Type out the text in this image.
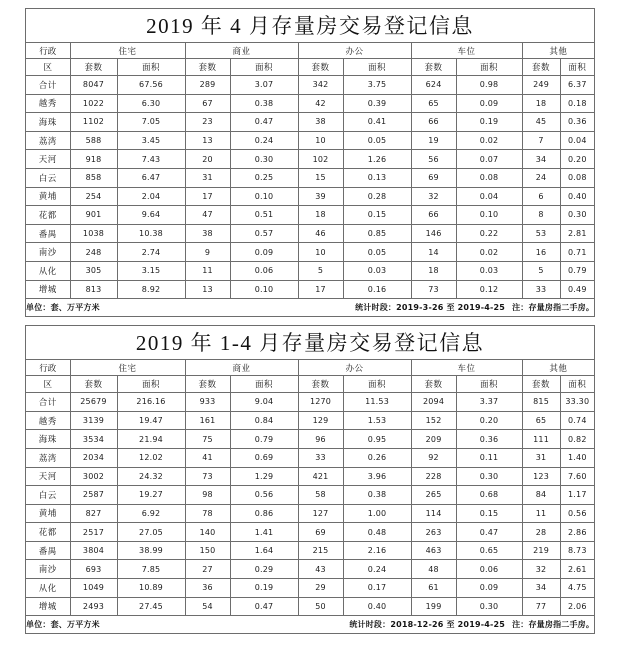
2019 年 4 月存量房交易登记信息
行政	住宅		商业		办公		车位		其他	
区	套数	面积	套数	面积	套数	面积	套数	面积	套数	面积
合计	8047	67.56	289	3.07	342	3.75	624	0.98	249	6.37
越秀	1022	6.30	67	0.38	42	0.39	65	0.09	18	0.18
海珠	1102	7.05	23	0.47	38	0.41	66	0.19	45	0.36
荔湾	588	3.45	13	0.24	10	0.05	19	0.02	7	0.04
天河	918	7.43	20	0.30	102	1.26	56	0.07	34	0.20
白云	858	6.47	31	0.25	15	0.13	69	0.08	24	0.08
黄埔	254	2.04	17	0.10	39	0.28	32	0.04	6	0.40
花都	901	9.64	47	0.51	18	0.15	66	0.10	8	0.30
番禺	1038	10.38	38	0.57	46	0.85	146	0.22	53	2.81
南沙	248	2.74	9	0.09	10	0.05	14	0.02	16	0.71
从化	305	3.15	11	0.06	5	0.03	18	0.03	5	0.79
增城	813	8.92	13	0.10	17	0.16	73	0.12	33	0.49

单位：套、万平方米 统计时段：2019-3-26 至 2019-4-25 注：存量房指二手房。										
2019 年 1-4 月存量房交易登记信息
行政	住宅		商业		办公		车位		其他	
区	套数	面积	套数	面积	套数	面积	套数	面积	套数	面积
合计	25679	216.16	933	9.04	1270	11.53	2094	3.37	815	33.30
越秀	3139	19.47	161	0.84	129	1.53	152	0.20	65	0.74
海珠	3534	21.94	75	0.79	96	0.95	209	0.36	111	0.82
荔湾	2034	12.02	41	0.69	33	0.26	92	0.11	31	1.40
天河	3002	24.32	73	1.29	421	3.96	228	0.30	123	7.60
白云	2587	19.27	98	0.56	58	0.38	265	0.68	84	1.17
黄埔	827	6.92	78	0.86	127	1.00	114	0.15	11	0.56
花都	2517	27.05	140	1.41	69	0.48	263	0.47	28	2.86
番禺	3804	38.99	150	1.64	215	2.16	463	0.65	219	8.73
南沙	693	7.85	27	0.29	43	0.24	48	0.06	32	2.61
从化	1049	10.89	36	0.19	29	0.17	61	0.09	34	4.75
增城	2493	27.45	54	0.47	50	0.40	199	0.30	77	2.06

单位：套、万平方米 统计时段：2018-12-26 至 2019-4-25 注：存量房指二手房。										
